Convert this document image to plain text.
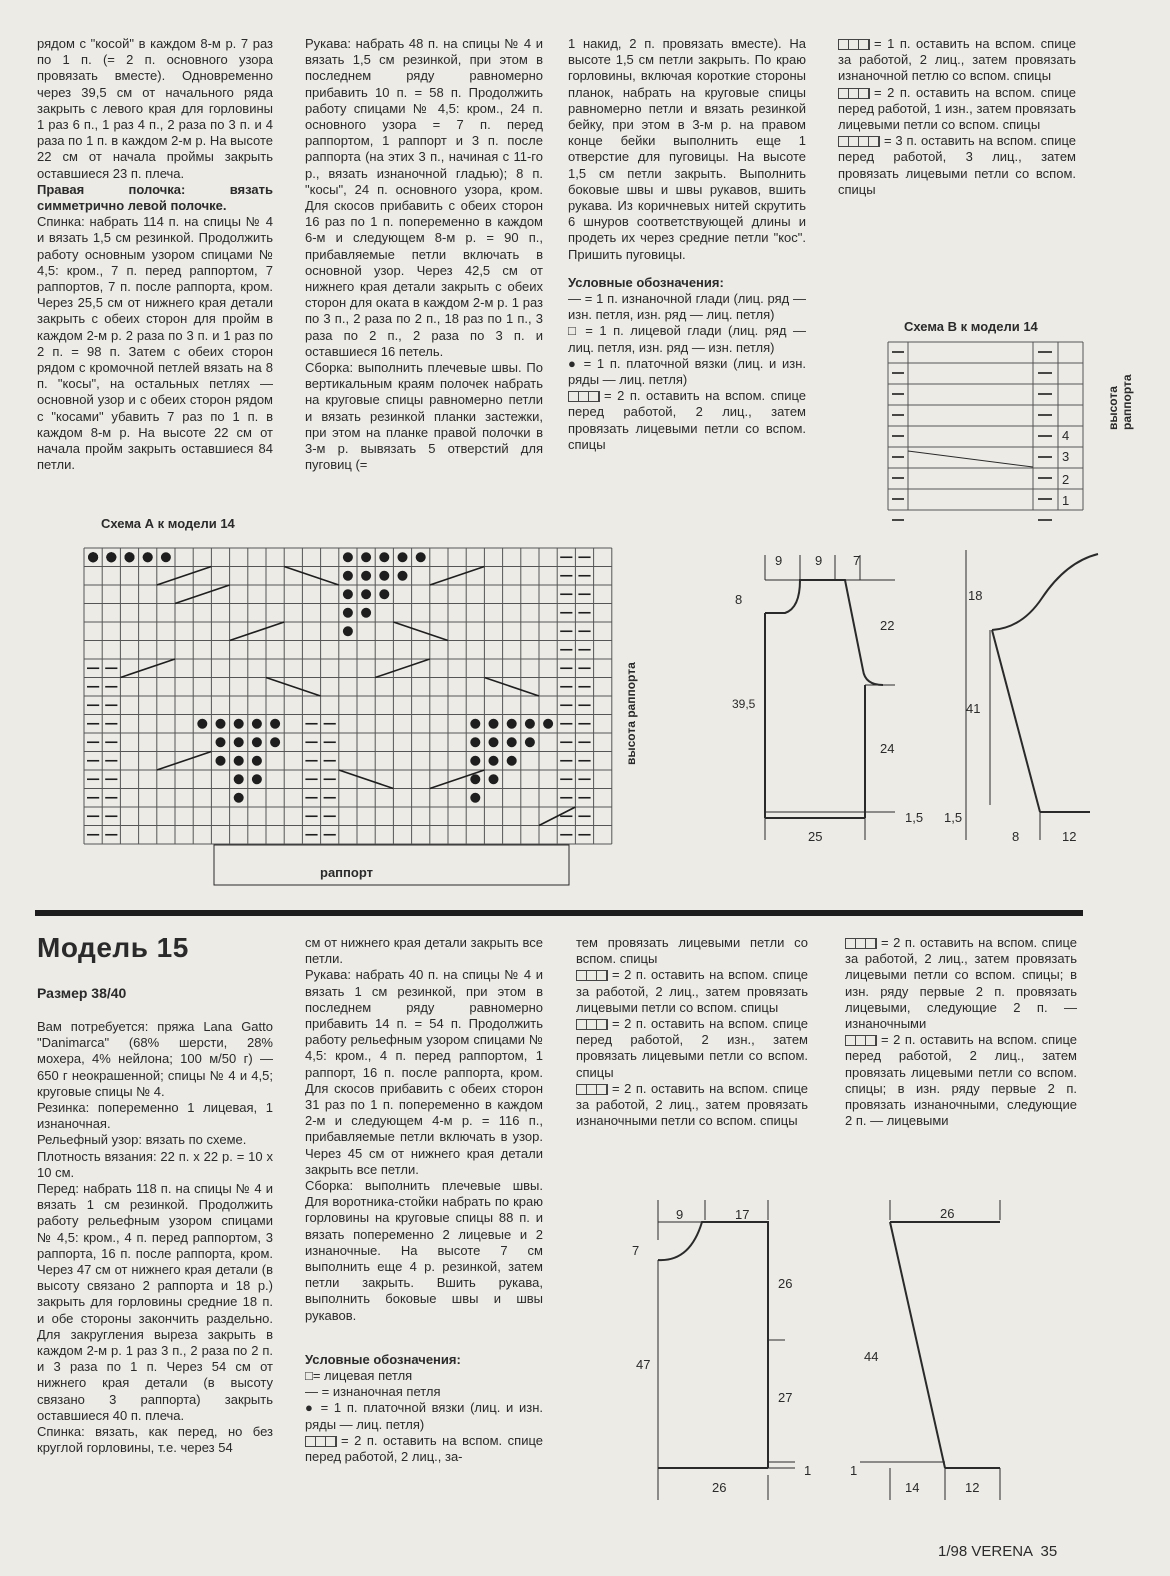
рядом с "косой" в каждом 8-м р. 7 раз по 1 п. (= 2 п. основного узора провязать вместе). Одновременно через 39,5 см от начального ряда закрыть с левого края для горловины 1 раз 6 п., 1 раз 4 п., 2 раза по 3 п. и 4 раза по 1 п. в каждом 2-м р. На высоте 22 см от начала проймы закрыть оставшиеся 23 п. плеча.

Правая полочка: вязать симметрично левой полочке.

Спинка: набрать 114 п. на спицы № 4 и вязать 1,5 см резинкой. Продолжить работу основным узором спицами № 4,5: кром., 7 п. перед раппортом, 7 раппортов, 7 п. после раппорта, кром. Через 25,5 см от нижнего края детали закрыть с обеих сторон для пройм в каждом 2-м р. 2 раза по 3 п. и 1 раз по 2 п. = 98 п. Затем с обеих сторон рядом с кромочной петлей вязать на 8 п. "косы", на остальных петлях — основной узор и с обеих сторон рядом с "косами" убавить 7 раз по 1 п. в каждом 8-м р. На высоте 22 см от начала пройм закрыть оставшиеся 84 петли.

Рукава: набрать 48 п. на спицы № 4 и вязать 1,5 см резинкой, при этом в последнем ряду равномерно прибавить 10 п. = 58 п. Продолжить работу спицами № 4,5: кром., 24 п. основного узора = 7 п. перед раппортом, 1 раппорт и 3 п. после раппорта (на этих 3 п., начиная с 11-го р., вязать изнаночной гладью); 8 п. "косы", 24 п. основного узора, кром. Для скосов прибавить с обеих сторон 16 раз по 1 п. попеременно в каждом 6-м и следующем 8-м р. = 90 п., прибавляемые петли включать в основной узор. Через 42,5 см от нижнего края детали закрыть с обеих сторон для оката в каждом 2-м р. 1 раз по 3 п., 2 раза по 2 п., 18 раз по 1 п., 3 раза по 2 п., 2 раза по 3 п. и оставшиеся 16 петель.

Сборка: выполнить плечевые швы. По вертикальным краям полочек набрать на круговые спицы равномерно петли и вязать резинкой планки застежки, при этом на планке правой полочки в 3-м р. вывязать 5 отверстий для пуговиц (=

1 накид, 2 п. провязать вместе). На высоте 1,5 см петли закрыть. По краю горловины, включая короткие стороны планок, набрать на круговые спицы равномерно петли и вязать резинкой бейку, при этом в 3-м р. на правом конце бейки выполнить еще 1 отверстие для пуговицы. На высоте 1,5 см петли закрыть. Выполнить боковые швы и швы рукавов, вшить рукава. Из коричневых нитей скрутить 6 шнуров соответствующей длины и продеть их через средние петли "кос". Пришить пуговицы.

Условные обозначения:

— = 1 п. изнаночной глади (лиц. ряд — изн. петля, изн. ряд — лиц. петля)

□ = 1 п. лицевой глади (лиц. ряд — лиц. петля, изн. ряд — изн. петля)

● = 1 п. платочной вязки (лиц. и изн. ряды — лиц. петля)

= 2 п. оставить на вспом. спице перед работой, 2 лиц., затем провязать лицевыми петли со вспом. спицы

= 1 п. оставить на вспом. спице за работой, 2 лиц., затем провязать изнаночной петлю со вспом. спицы

= 2 п. оставить на вспом. спице перед работой, 1 изн., затем провязать лицевыми петли со вспом. спицы

= 3 п. оставить на вспом. спице перед работой, 3 лиц., затем провязать лицевыми петли со вспом. спицы

Схема В к модели 14
4
3
2
1
высота раппорта
Схема А к модели 14
раппорт
высота раппорта
9	9 7
8
22
39,5
24
1,5
25
18
41
1,5
8	12
Модель 15
Размер 38/40

Вам потребуется: пряжа Lana Gatto "Danimarca" (68% шерсти, 28% мохера, 4% нейлона; 100 м/50 г) — 650 г неокрашенной; спицы № 4 и 4,5; круговые спицы № 4.

Резинка: попеременно 1 лицевая, 1 изнаночная.

Рельефный узор: вязать по схеме.

Плотность вязания: 22 п. х 22 р. = 10 х 10 см.

Перед: набрать 118 п. на спицы № 4 и вязать 1 см резинкой. Продолжить работу рельефным узором спицами № 4,5: кром., 4 п. перед раппортом, 3 раппорта, 16 п. после раппорта, кром. Через 47 см от нижнего края детали (в высоту связано 2 раппорта и 18 р.) закрыть для горловины средние 18 п. и обе стороны закончить раздельно. Для закругления выреза закрыть в каждом 2-м р. 1 раз 3 п., 2 раза по 2 п. и 3 раза по 1 п. Через 54 см от нижнего края детали (в высоту связано 3 раппорта) закрыть оставшиеся 40 п. плеча.

Спинка: вязать, как перед, но без круглой горловины, т.е. через 54

см от нижнего края детали закрыть все петли.

Рукава: набрать 40 п. на спицы № 4 и вязать 1 см резинкой, при этом в последнем ряду равномерно прибавить 14 п. = 54 п. Продолжить работу рельефным узором спицами № 4,5: кром., 4 п. перед раппортом, 1 раппорт, 16 п. после раппорта, кром. Для скосов прибавить с обеих сторон 31 раз по 1 п. попеременно в каждом 2-м и следующем 4-м р. = 116 п., прибавляемые петли включать в узор. Через 45 см от нижнего края детали закрыть все петли.

Сборка: выполнить плечевые швы. Для воротника-стойки набрать по краю горловины на круговые спицы 88 п. и вязать попеременно 2 лицевые и 2 изнаночные. На высоте 7 см выполнить еще 4 р. резинкой, затем петли закрыть. Вшить рукава, выполнить боковые швы и швы рукавов.

Условные обозначения:

□= лицевая петля

— = изнаночная петля

● = 1 п. платочной вязки (лиц. и изн. ряды — лиц. петля)

= 2 п. оставить на вспом. спице перед работой, 2 лиц., за-

тем провязать лицевыми петли со вспом. спицы

= 2 п. оставить на вспом. спице за работой, 2 лиц., затем провязать лицевыми петли со вспом. спицы

= 2 п. оставить на вспом. спице перед работой, 2 изн., затем провязать лицевыми петли со вспом. спицы

= 2 п. оставить на вспом. спице за работой, 2 лиц., затем провязать изнаночными петли со вспом. спицы

= 2 п. оставить на вспом. спице за работой, 2 лиц., затем провязать лицевыми петли со вспом. спицы; в изн. ряду первые 2 п. провязать лицевыми, следующие 2 п. — изнаночными

= 2 п. оставить на вспом. спице перед работой, 2 лиц., затем провязать лицевыми петли со вспом. спицы; в изн. ряду первые 2 п. провязать изнаночными, следующие 2 п. — лицевыми

9	17
7
26
47
27
1
26
26
44
1
14	12
1/98 VERENA  35
